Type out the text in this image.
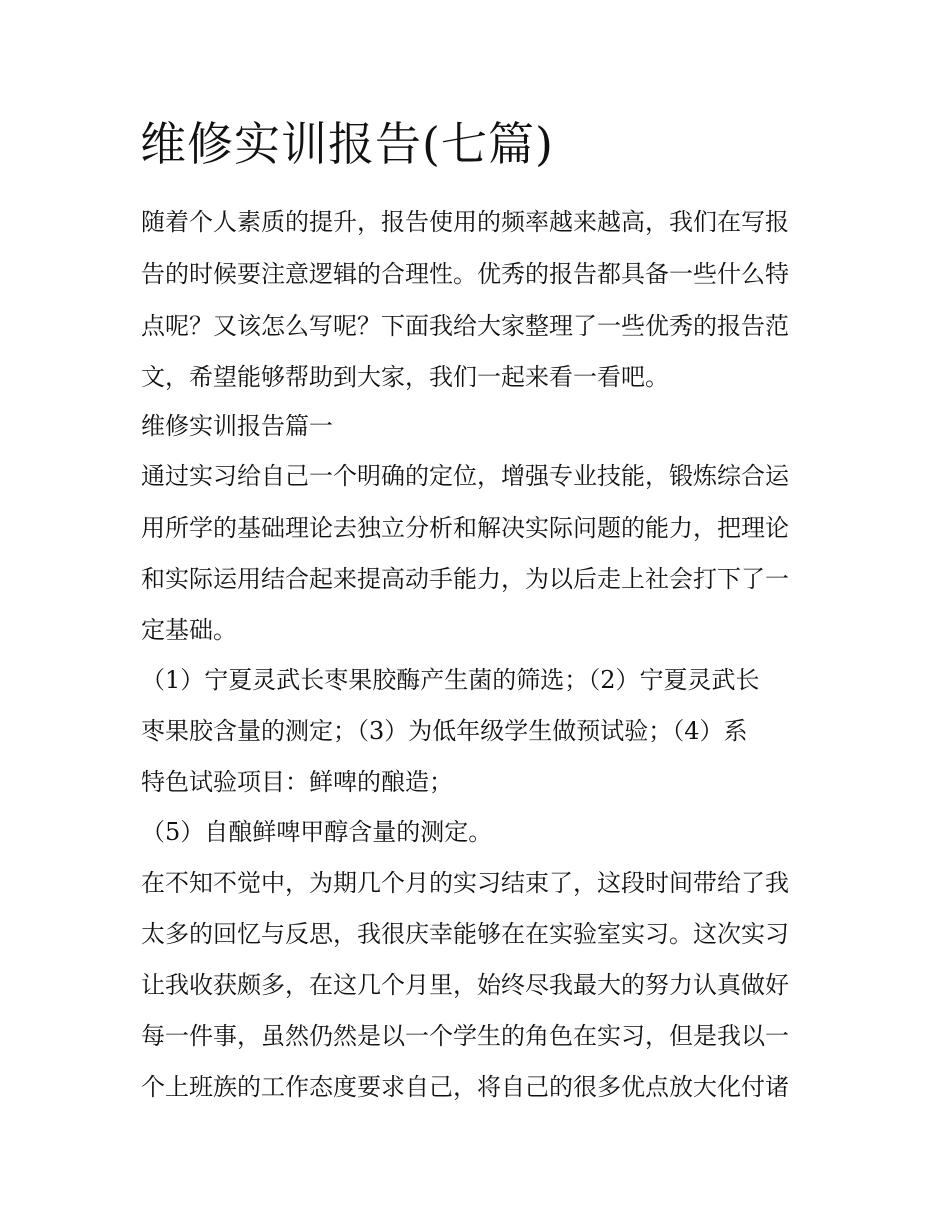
维修实训报告(七篇)

随着个人素质的提升，报告使用的频率越来越高，我们在写报

告的时候要注意逻辑的合理性。优秀的报告都具备一些什么特

点呢？又该怎么写呢？下面我给大家整理了一些优秀的报告范

文，希望能够帮助到大家，我们一起来看一看吧。

维修实训报告篇一

通过实习给自己一个明确的定位，增强专业技能，锻炼综合运

用所学的基础理论去独立分析和解决实际问题的能力，把理论

和实际运用结合起来提高动手能力，为以后走上社会打下了一

定基础。

（1）宁夏灵武长枣果胶酶产生菌的筛选；（2）宁夏灵武长

枣果胶含量的测定；（3）为低年级学生做预试验；（4）系

特色试验项目：鲜啤的酿造；

（5）自酿鲜啤甲醇含量的测定。

在不知不觉中，为期几个月的实习结束了，这段时间带给了我

太多的回忆与反思，我很庆幸能够在在实验室实习。这次实习

让我收获颇多，在这几个月里，始终尽我最大的努力认真做好

每一件事，虽然仍然是以一个学生的角色在实习，但是我以一

个上班族的工作态度要求自己，将自己的很多优点放大化付诸
